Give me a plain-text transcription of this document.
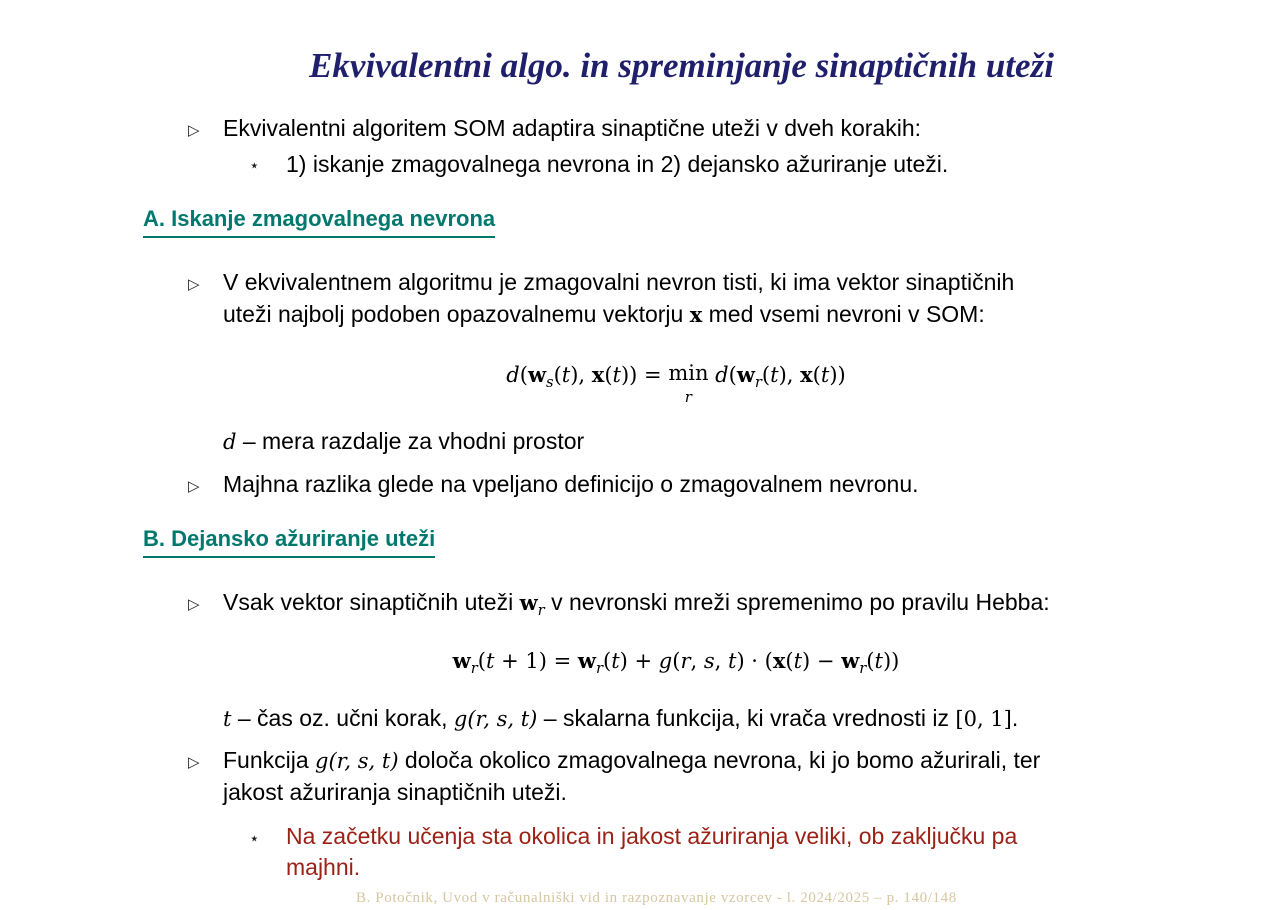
Ekvivalentni algo. in spreminjanje sinaptičnih uteži
▷ Ekvivalentni algoritem SOM adaptira sinaptične uteži v dveh korakih:
⋆ 1) iskanje zmagovalnega nevrona in 2) dejansko ažuriranje uteži.
A. Iskanje zmagovalnega nevrona
▷ V ekvivalentnem algoritmu je zmagovalni nevron tisti, ki ima vektor sinaptičnih
uteži najbolj podoben opazovalnemu vektorju x med vsemi nevroni v SOM:
$d(w_s(t)$, x(t)) = min
r $d(w_r(t)$, x(t))
d – mera razdalje za vhodni prostor
▷ Majhna razlika glede na vpeljano definicijo o zmagovalnem nevronu.
B. Dejansko ažuriranje uteži
▷ Vsak vektor sinaptičnih uteži $w_r$ v nevronski mreži spremenimo po pravilu Hebba:
$w_r(t + 1) = w_r(t) + g(r$, s, $t) \cdot (x(t) - w_r(t))$
t – čas oz. učni korak, g(r, s, t) – skalarna funkcija, ki vrača vrednosti iz [0, 1].
▷ Funkcija g(r, s, t) določa okolico zmagovalnega nevrona, ki jo bomo ažurirali, ter
jakost ažuriranja sinaptičnih uteži.
⋆ Na začetku učenja sta okolica in jakost ažuriranja veliki, ob zaključku pa
majhni.
B. Potočnik, Uvod v računalniški vid in razpoznavanje vzorcev - l. 2024/2025 – p. 140/148
